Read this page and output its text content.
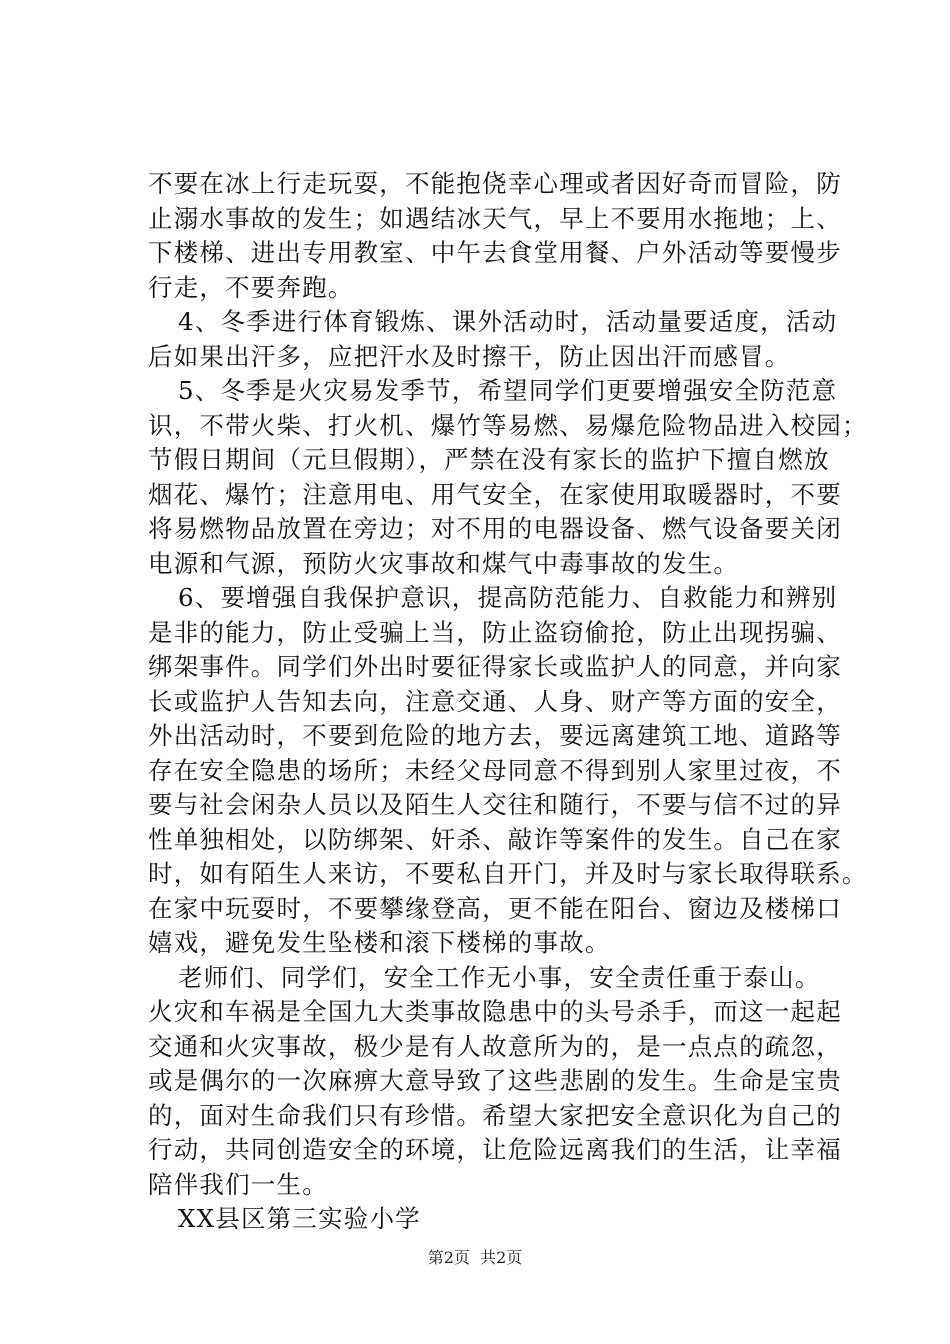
不要在冰上行走玩耍，不能抱侥幸心理或者因好奇而冒险，防
止溺水事故的发生；如遇结冰天气，早上不要用水拖地；上、
下楼梯、进出专用教室、中午去食堂用餐、户外活动等要慢步
行走，不要奔跑。
4、冬季进行体育锻炼、课外活动时，活动量要适度，活动
后如果出汗多，应把汗水及时擦干，防止因出汗而感冒。
5、冬季是火灾易发季节，希望同学们更要增强安全防范意
识，不带火柴、打火机、爆竹等易燃、易爆危险物品进入校园；
节假日期间（元旦假期），严禁在没有家长的监护下擅自燃放
烟花、爆竹；注意用电、用气安全，在家使用取暖器时，不要
将易燃物品放置在旁边；对不用的电器设备、燃气设备要关闭
电源和气源，预防火灾事故和煤气中毒事故的发生。
6、要增强自我保护意识，提高防范能力、自救能力和辨别
是非的能力，防止受骗上当，防止盗窃偷抢，防止出现拐骗、
绑架事件。同学们外出时要征得家长或监护人的同意，并向家
长或监护人告知去向，注意交通、人身、财产等方面的安全，
外出活动时，不要到危险的地方去，要远离建筑工地、道路等
存在安全隐患的场所；未经父母同意不得到别人家里过夜，不
要与社会闲杂人员以及陌生人交往和随行，不要与信不过的异
性单独相处，以防绑架、奸杀、敲诈等案件的发生。自己在家
时，如有陌生人来访，不要私自开门，并及时与家长取得联系。
在家中玩耍时，不要攀缘登高，更不能在阳台、窗边及楼梯口
嬉戏，避免发生坠楼和滚下楼梯的事故。
老师们、同学们，安全工作无小事，安全责任重于泰山。
火灾和车祸是全国九大类事故隐患中的头号杀手，而这一起起
交通和火灾事故，极少是有人故意所为的，是一点点的疏忽，
或是偶尔的一次麻痹大意导致了这些悲剧的发生。生命是宝贵
的，面对生命我们只有珍惜。希望大家把安全意识化为自己的
行动，共同创造安全的环境，让危险远离我们的生活，让幸福
陪伴我们一生。
XX县区第三实验小学
第2页  共2页
